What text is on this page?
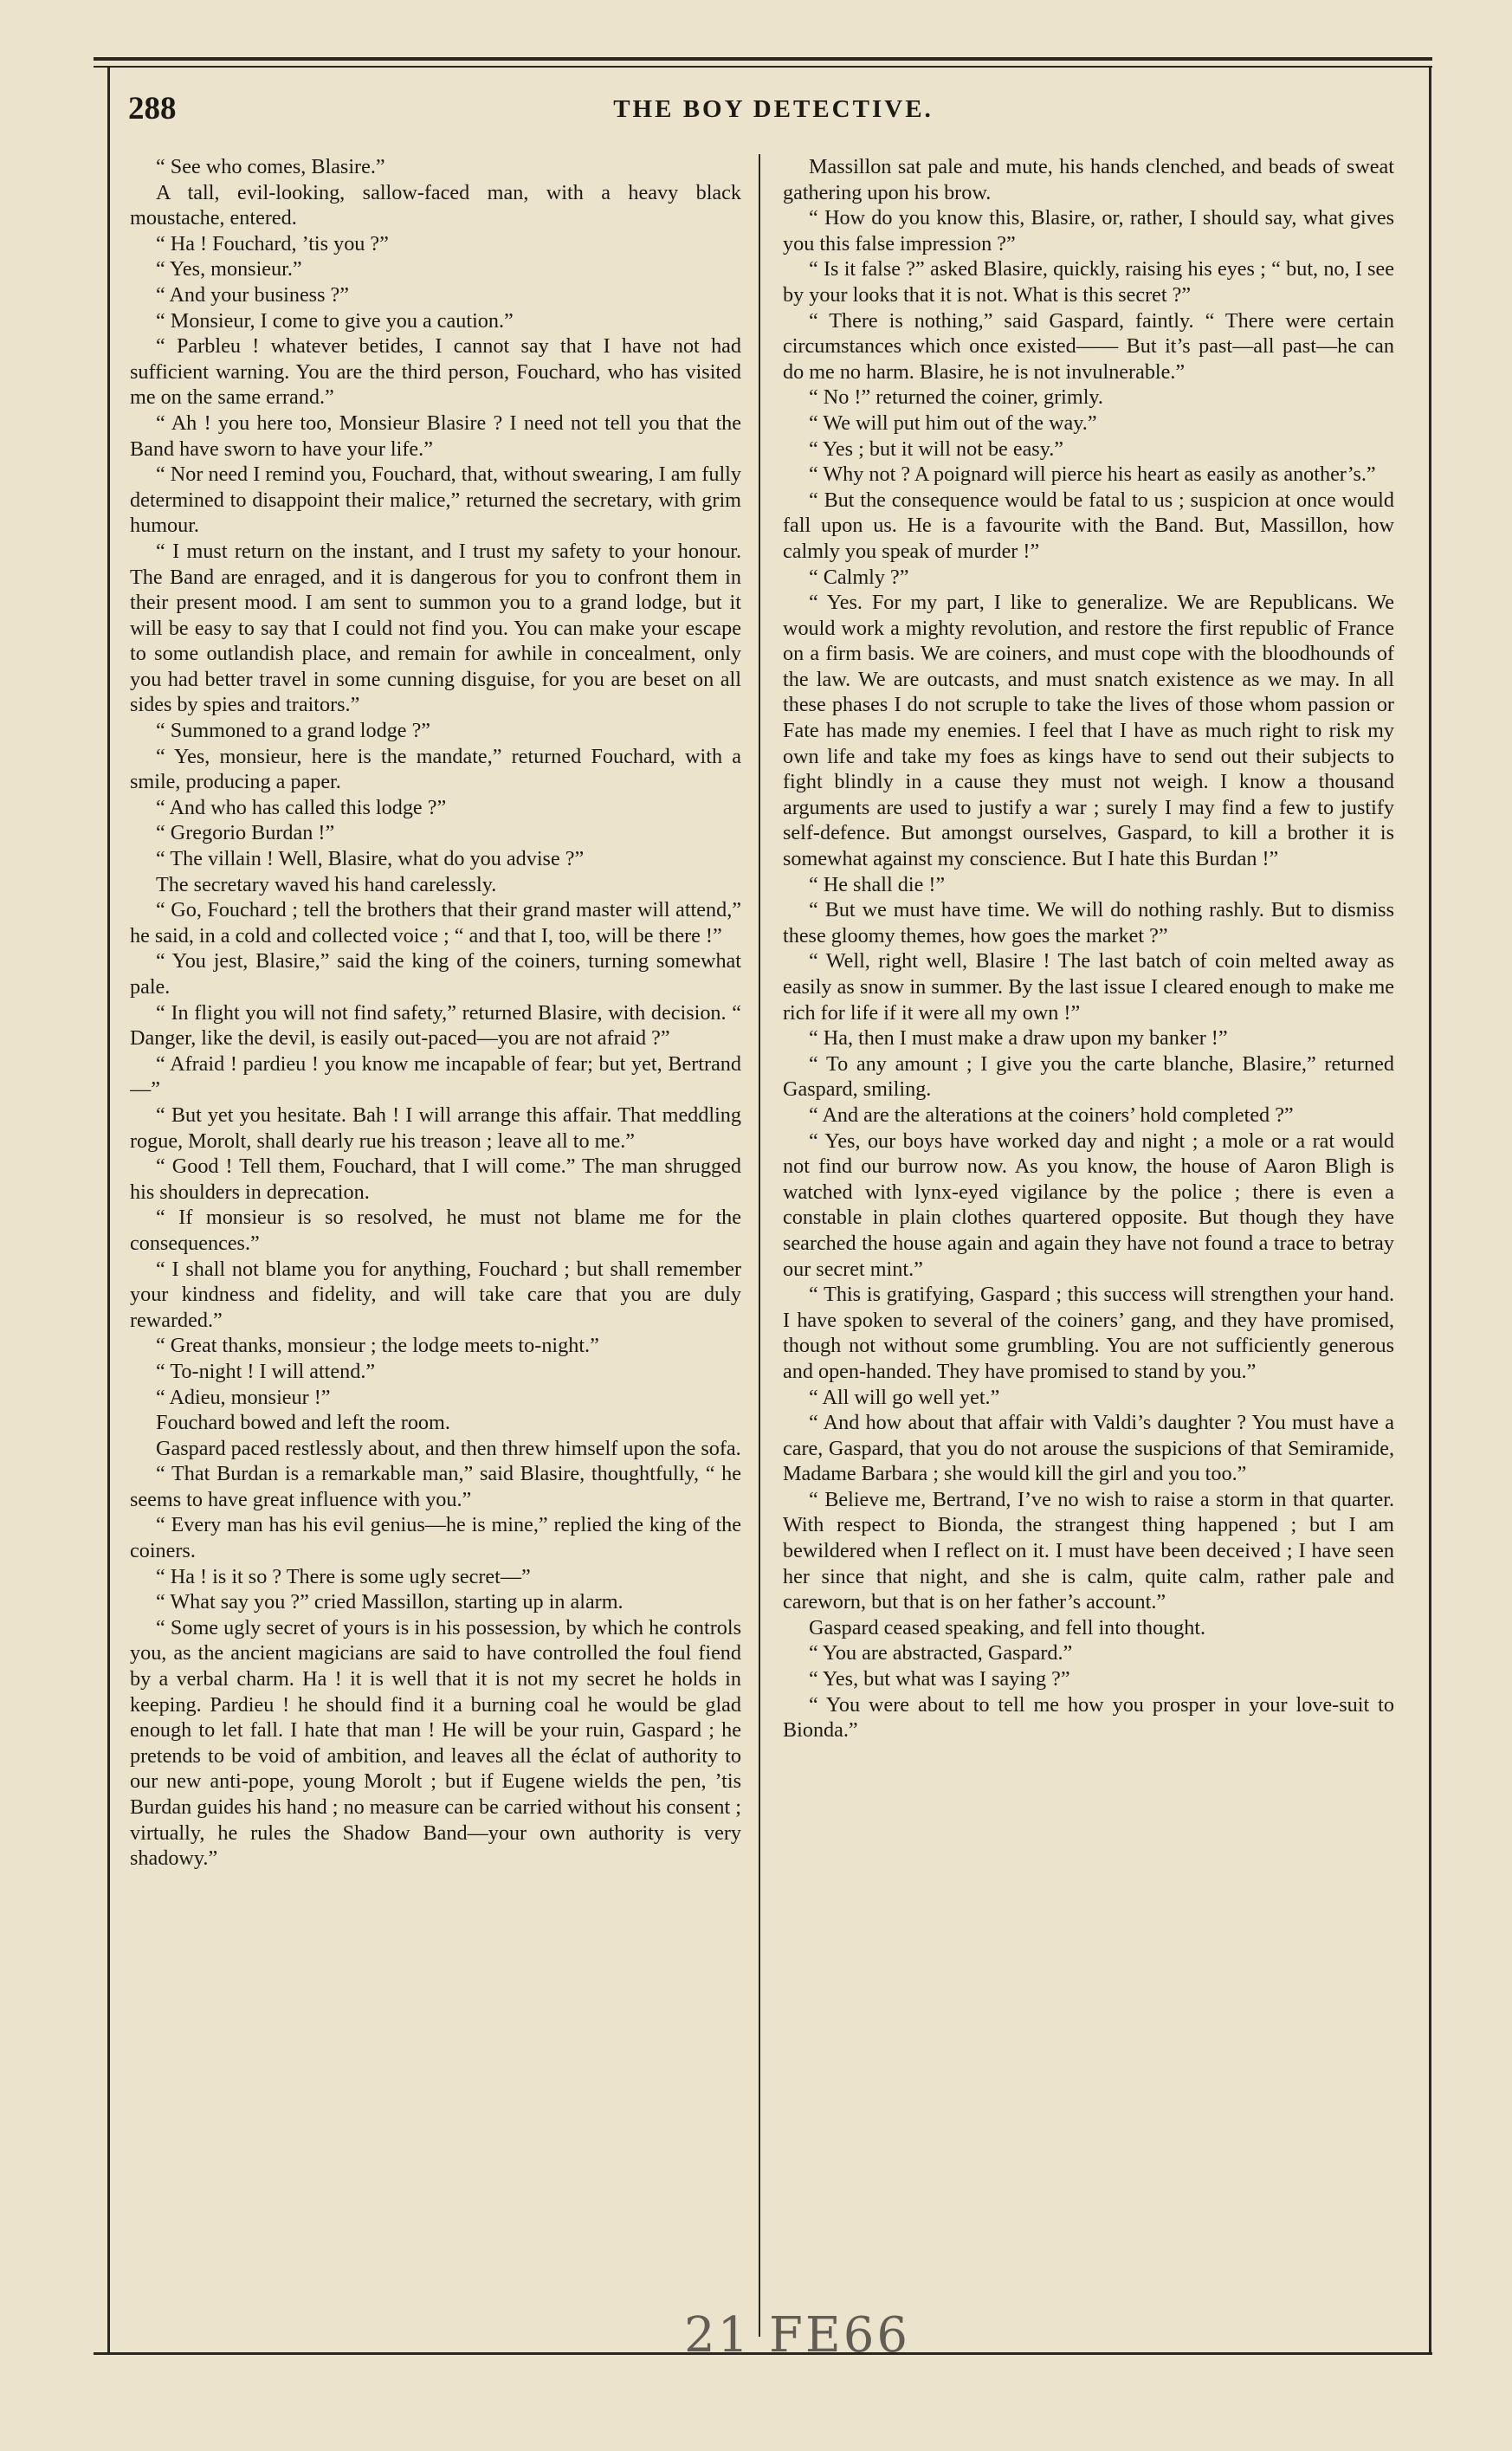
288	THE BOY DETECTIVE.

“ See who comes, Blasire.”

A tall, evil-looking, sallow-faced man, with a heavy black moustache, entered.

“ Ha ! Fouchard, ’tis you ?”

“ Yes, monsieur.”

“ And your business ?”

“ Monsieur, I come to give you a caution.”

“ Parbleu ! whatever betides, I cannot say that I have not had sufficient warning. You are the third person, Fouchard, who has visited me on the same errand.”

“ Ah ! you here too, Monsieur Blasire ? I need not tell you that the Band have sworn to have your life.”

“ Nor need I remind you, Fouchard, that, without swearing, I am fully determined to disappoint their malice,” returned the secretary, with grim humour.

“ I must return on the instant, and I trust my safety to your honour. The Band are enraged, and it is dangerous for you to confront them in their present mood. I am sent to summon you to a grand lodge, but it will be easy to say that I could not find you. You can make your escape to some outlandish place, and remain for awhile in concealment, only you had better travel in some cunning disguise, for you are beset on all sides by spies and traitors.”

“ Summoned to a grand lodge ?”

“ Yes, monsieur, here is the mandate,” returned Fouchard, with a smile, producing a paper.

“ And who has called this lodge ?”

“ Gregorio Burdan !”

“ The villain ! Well, Blasire, what do you advise ?”

The secretary waved his hand carelessly.

“ Go, Fouchard ; tell the brothers that their grand master will attend,” he said, in a cold and collected voice ; “ and that I, too, will be there !”

“ You jest, Blasire,” said the king of the coiners, turning somewhat pale.

“ In flight you will not find safety,” returned Blasire, with decision. “ Danger, like the devil, is easily out-paced—you are not afraid ?”

“ Afraid ! pardieu ! you know me incapable of fear; but yet, Bertrand—”

“ But yet you hesitate. Bah ! I will arrange this affair. That meddling rogue, Morolt, shall dearly rue his treason ; leave all to me.”

“ Good ! Tell them, Fouchard, that I will come.” The man shrugged his shoulders in deprecation.

“ If monsieur is so resolved, he must not blame me for the consequences.”

“ I shall not blame you for anything, Fouchard ; but shall remember your kindness and fidelity, and will take care that you are duly rewarded.”

“ Great thanks, monsieur ; the lodge meets to-night.”

“ To-night ! I will attend.”

“ Adieu, monsieur !”

Fouchard bowed and left the room.

Gaspard paced restlessly about, and then threw himself upon the sofa.

“ That Burdan is a remarkable man,” said Blasire, thoughtfully, “ he seems to have great influence with you.”

“ Every man has his evil genius—he is mine,” replied the king of the coiners.

“ Ha ! is it so ? There is some ugly secret—”

“ What say you ?” cried Massillon, starting up in alarm.

“ Some ugly secret of yours is in his possession, by which he controls you, as the ancient magicians are said to have controlled the foul fiend by a verbal charm. Ha ! it is well that it is not my secret he holds in keeping. Pardieu ! he should find it a burning coal he would be glad enough to let fall. I hate that man ! He will be your ruin, Gaspard ; he pretends to be void of ambition, and leaves all the éclat of authority to our new anti-pope, young Morolt ; but if Eugene wields the pen, ’tis Burdan guides his hand ; no measure can be carried without his consent ; virtually, he rules the Shadow Band—your own authority is very shadowy.”

Massillon sat pale and mute, his hands clenched, and beads of sweat gathering upon his brow.

“ How do you know this, Blasire, or, rather, I should say, what gives you this false impression ?”

“ Is it false ?” asked Blasire, quickly, raising his eyes ; “ but, no, I see by your looks that it is not. What is this secret ?”

“ There is nothing,” said Gaspard, faintly. “ There were certain circumstances which once existed—— But it’s past—all past—he can do me no harm. Blasire, he is not invulnerable.”

“ No !” returned the coiner, grimly.

“ We will put him out of the way.”

“ Yes ; but it will not be easy.”

“ Why not ? A poignard will pierce his heart as easily as another’s.”

“ But the consequence would be fatal to us ; suspicion at once would fall upon us. He is a favourite with the Band. But, Massillon, how calmly you speak of murder !”

“ Calmly ?”

“ Yes. For my part, I like to generalize. We are Republicans. We would work a mighty revolution, and restore the first republic of France on a firm basis. We are coiners, and must cope with the bloodhounds of the law. We are outcasts, and must snatch existence as we may. In all these phases I do not scruple to take the lives of those whom passion or Fate has made my enemies. I feel that I have as much right to risk my own life and take my foes as kings have to send out their subjects to fight blindly in a cause they must not weigh. I know a thousand arguments are used to justify a war ; surely I may find a few to justify self-defence. But amongst ourselves, Gaspard, to kill a brother it is somewhat against my conscience. But I hate this Burdan !”

“ He shall die !”

“ But we must have time. We will do nothing rashly. But to dismiss these gloomy themes, how goes the market ?”

“ Well, right well, Blasire ! The last batch of coin melted away as easily as snow in summer. By the last issue I cleared enough to make me rich for life if it were all my own !”

“ Ha, then I must make a draw upon my banker !”

“ To any amount ; I give you the carte blanche, Blasire,” returned Gaspard, smiling.

“ And are the alterations at the coiners’ hold completed ?”

“ Yes, our boys have worked day and night ; a mole or a rat would not find our burrow now. As you know, the house of Aaron Bligh is watched with lynx-eyed vigilance by the police ; there is even a constable in plain clothes quartered opposite. But though they have searched the house again and again they have not found a trace to betray our secret mint.”

“ This is gratifying, Gaspard ; this success will strengthen your hand. I have spoken to several of the coiners’ gang, and they have promised, though not without some grumbling. You are not sufficiently generous and open-handed. They have promised to stand by you.”

“ All will go well yet.”

“ And how about that affair with Valdi’s daughter ? You must have a care, Gaspard, that you do not arouse the suspicions of that Semiramide, Madame Barbara ; she would kill the girl and you too.”

“ Believe me, Bertrand, I’ve no wish to raise a storm in that quarter. With respect to Bionda, the strangest thing happened ; but I am bewildered when I reflect on it. I must have been deceived ; I have seen her since that night, and she is calm, quite calm, rather pale and careworn, but that is on her father’s account.”

Gaspard ceased speaking, and fell into thought.

“ You are abstracted, Gaspard.”

“ Yes, but what was I saying ?”

“ You were about to tell me how you prosper in your love-suit to Bionda.”

21 FE66
